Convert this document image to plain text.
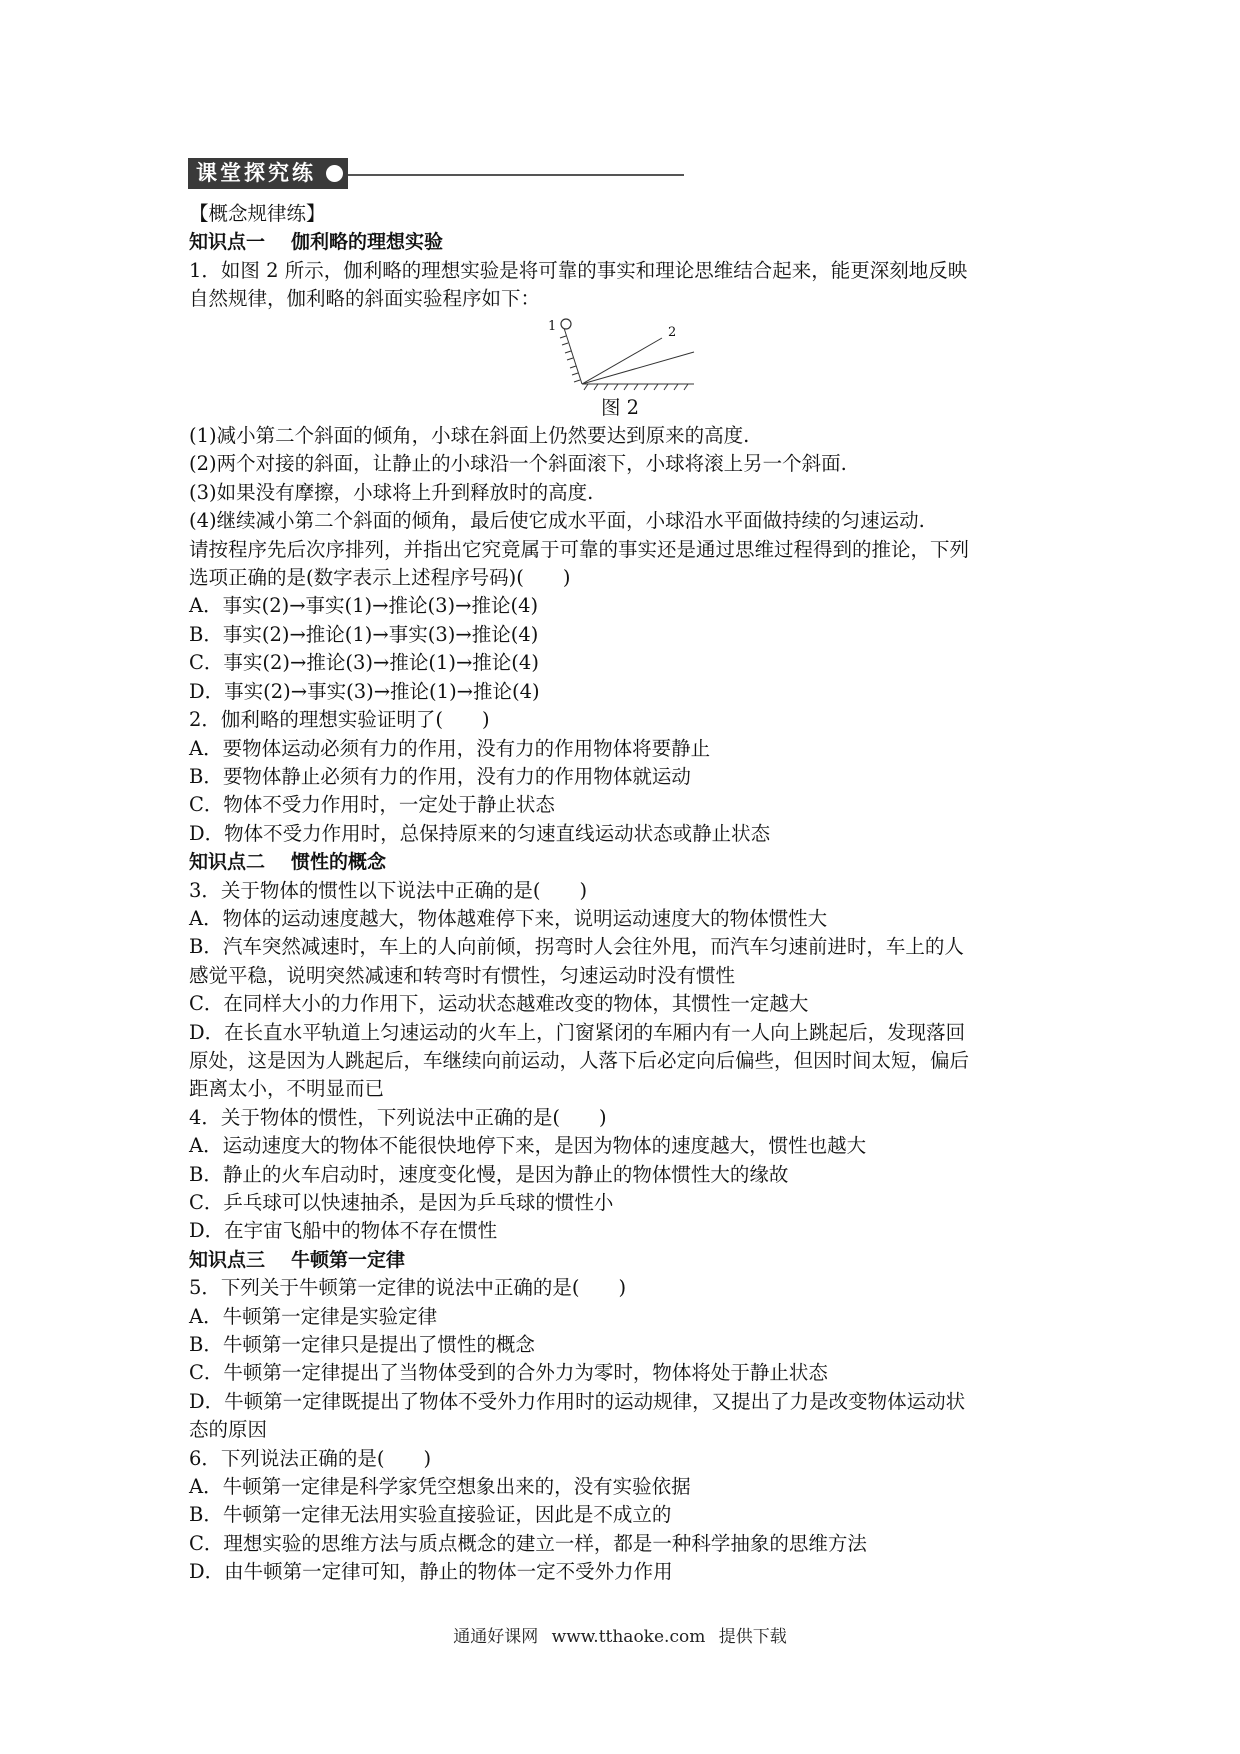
课堂探究练
【概念规律练】
知识点一 伽利略的理想实验
1．如图 2 所示，伽利略的理想实验是将可靠的事实和理论思维结合起来，能更深刻地反映
自然规律，伽利略的斜面实验程序如下：
1	2
图 2
(1)减小第二个斜面的倾角，小球在斜面上仍然要达到原来的高度.
(2)两个对接的斜面，让静止的小球沿一个斜面滚下，小球将滚上另一个斜面.
(3)如果没有摩擦，小球将上升到释放时的高度.
(4)继续减小第二个斜面的倾角，最后使它成水平面，小球沿水平面做持续的匀速运动.
请按程序先后次序排列，并指出它究竟属于可靠的事实还是通过思维过程得到的推论，下列
选项正确的是(数字表示上述程序号码)(　　)
A．事实(2)→事实(1)→推论(3)→推论(4)
B．事实(2)→推论(1)→事实(3)→推论(4)
C．事实(2)→推论(3)→推论(1)→推论(4)
D．事实(2)→事实(3)→推论(1)→推论(4)
2．伽利略的理想实验证明了(　　)
A．要物体运动必须有力的作用，没有力的作用物体将要静止
B．要物体静止必须有力的作用，没有力的作用物体就运动
C．物体不受力作用时，一定处于静止状态
D．物体不受力作用时，总保持原来的匀速直线运动状态或静止状态
知识点二 惯性的概念
3．关于物体的惯性以下说法中正确的是(　　)
A．物体的运动速度越大，物体越难停下来，说明运动速度大的物体惯性大
B．汽车突然减速时，车上的人向前倾，拐弯时人会往外甩，而汽车匀速前进时，车上的人
感觉平稳，说明突然减速和转弯时有惯性，匀速运动时没有惯性
C．在同样大小的力作用下，运动状态越难改变的物体，其惯性一定越大
D．在长直水平轨道上匀速运动的火车上，门窗紧闭的车厢内有一人向上跳起后，发现落回
原处，这是因为人跳起后，车继续向前运动，人落下后必定向后偏些，但因时间太短，偏后
距离太小，不明显而已
4．关于物体的惯性，下列说法中正确的是(　　)
A．运动速度大的物体不能很快地停下来，是因为物体的速度越大，惯性也越大
B．静止的火车启动时，速度变化慢，是因为静止的物体惯性大的缘故
C．乒乓球可以快速抽杀，是因为乒乓球的惯性小
D．在宇宙飞船中的物体不存在惯性
知识点三 牛顿第一定律
5．下列关于牛顿第一定律的说法中正确的是(　　)
A．牛顿第一定律是实验定律
B．牛顿第一定律只是提出了惯性的概念
C．牛顿第一定律提出了当物体受到的合外力为零时，物体将处于静止状态
D．牛顿第一定律既提出了物体不受外力作用时的运动规律，又提出了力是改变物体运动状
态的原因
6．下列说法正确的是(　　)
A．牛顿第一定律是科学家凭空想象出来的，没有实验依据
B．牛顿第一定律无法用实验直接验证，因此是不成立的
C．理想实验的思维方法与质点概念的建立一样，都是一种科学抽象的思维方法
D．由牛顿第一定律可知，静止的物体一定不受外力作用
通通好课网 www.tthaoke.com 提供下载
